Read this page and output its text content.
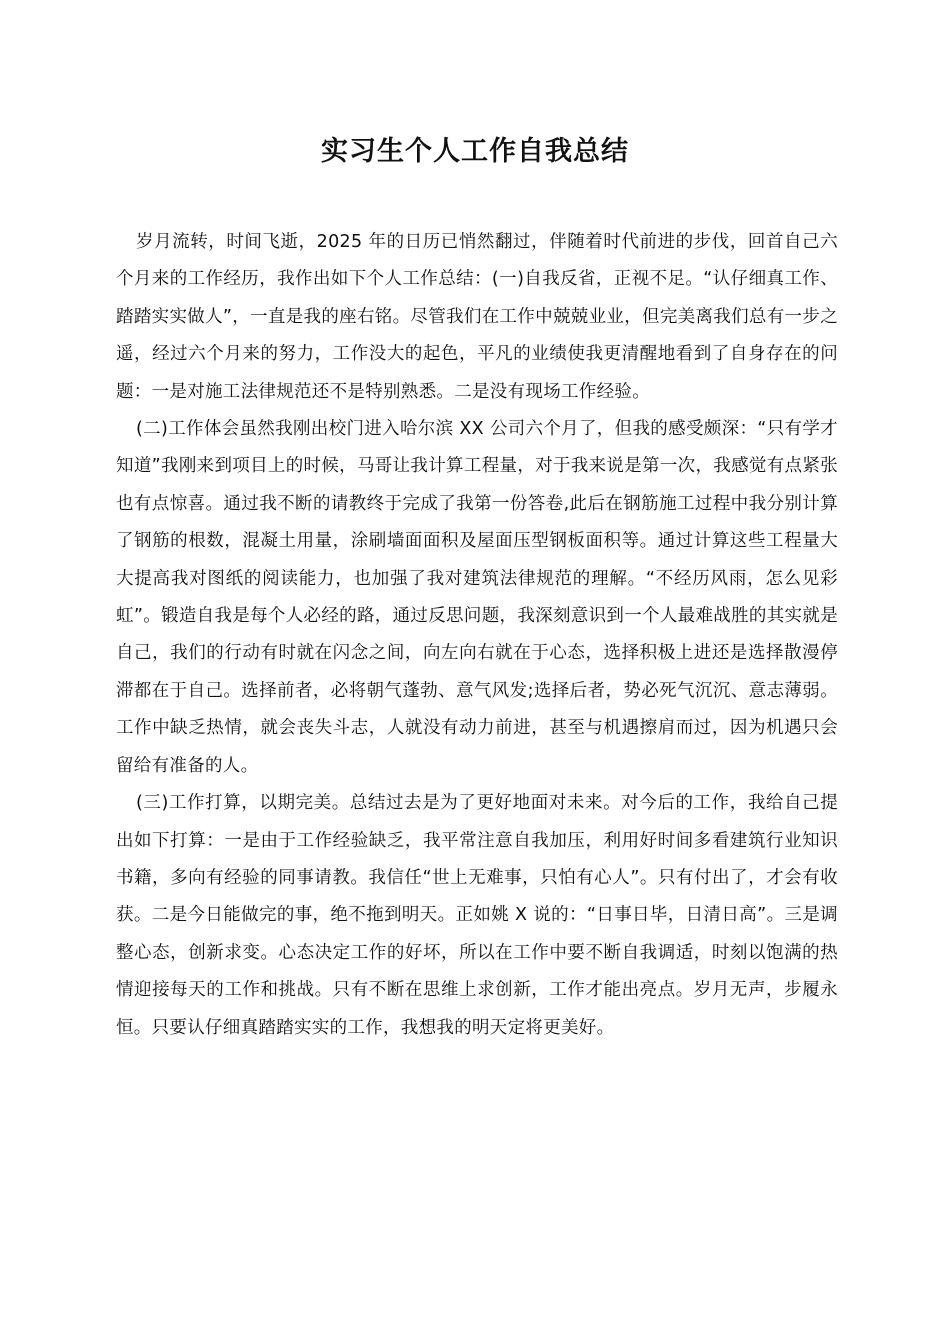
实习生个人工作自我总结

岁月流转，时间飞逝，2025 年的日历已悄然翻过，伴随着时代前进的步伐，回首自己六个月来的工作经历，我作出如下个人工作总结：(一)自我反省，正视不足。“认仔细真工作、踏踏实实做人”，一直是我的座右铭。尽管我们在工作中兢兢业业，但完美离我们总有一步之遥，经过六个月来的努力，工作没大的起色，平凡的业绩使我更清醒地看到了自身存在的问题：一是对施工法律规范还不是特别熟悉。二是没有现场工作经验。

(二)工作体会虽然我刚出校门进入哈尔滨 XX 公司六个月了，但我的感受颇深：“只有学才知道”我刚来到项目上的时候，马哥让我计算工程量，对于我来说是第一次，我感觉有点紧张也有点惊喜。通过我不断的请教终于完成了我第一份答卷,此后在钢筋施工过程中我分别计算了钢筋的根数，混凝土用量，涂刷墙面面积及屋面压型钢板面积等。通过计算这些工程量大大提高我对图纸的阅读能力，也加强了我对建筑法律规范的理解。“不经历风雨，怎么见彩虹”。锻造自我是每个人必经的路，通过反思问题，我深刻意识到一个人最难战胜的其实就是自己，我们的行动有时就在闪念之间，向左向右就在于心态，选择积极上进还是选择散漫停滞都在于自己。选择前者，必将朝气蓬勃、意气风发;选择后者，势必死气沉沉、意志薄弱。工作中缺乏热情，就会丧失斗志，人就没有动力前进，甚至与机遇擦肩而过，因为机遇只会留给有准备的人。

(三)工作打算，以期完美。总结过去是为了更好地面对未来。对今后的工作，我给自己提出如下打算：一是由于工作经验缺乏，我平常注意自我加压，利用好时间多看建筑行业知识书籍，多向有经验的同事请教。我信任“世上无难事，只怕有心人”。只有付出了，才会有收获。二是今日能做完的事，绝不拖到明天。正如姚 X 说的：“日事日毕，日清日高”。三是调整心态，创新求变。心态决定工作的好坏，所以在工作中要不断自我调适，时刻以饱满的热情迎接每天的工作和挑战。只有不断在思维上求创新，工作才能出亮点。岁月无声，步履永恒。只要认仔细真踏踏实实的工作，我想我的明天定将更美好。
